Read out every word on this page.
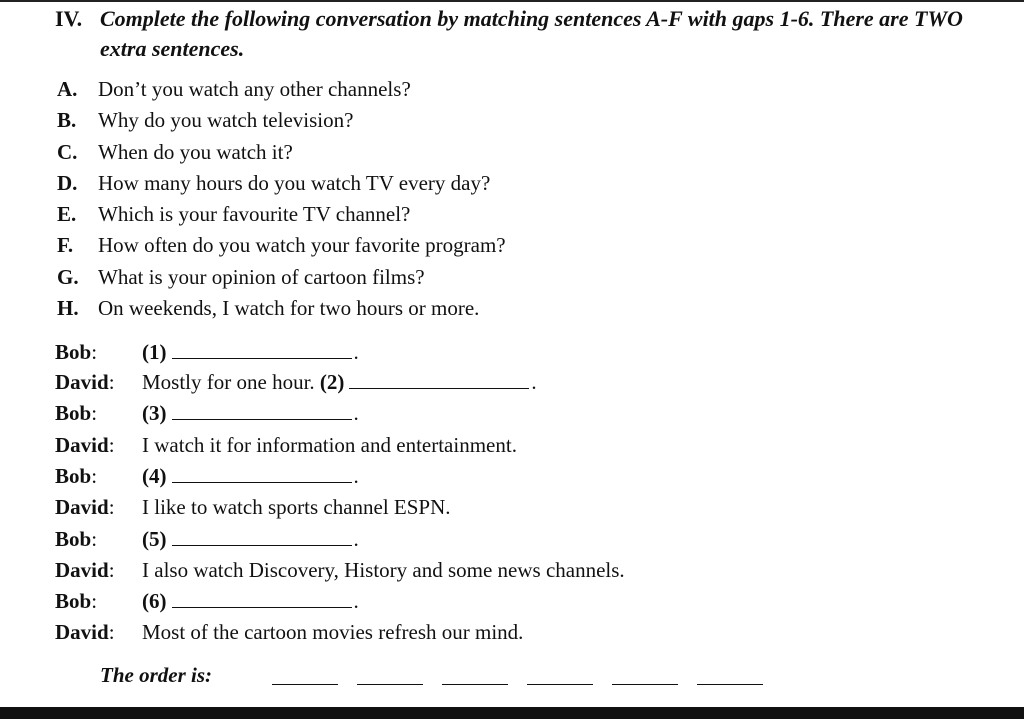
IV. Complete the following conversation by matching sentences A-F with gaps 1-6. There are TWO extra sentences.
A. Don’t you watch any other channels?
B. Why do you watch television?
C. When do you watch it?
D. How many hours do you watch TV every day?
E. Which is your favourite TV channel?
F. How often do you watch your favorite program?
G. What is your opinion of cartoon films?
H. On weekends, I watch for two hours or more.
Bob: (1)	.
David: Mostly for one hour. (2)	.
Bob: (3)	.
David: I watch it for information and entertainment.
Bob: (4)	.
David: I like to watch sports channel ESPN.
Bob: (5)	.
David: I also watch Discovery, History and some news channels.
Bob: (6)	.
David: Most of the cartoon movies refresh our mind.
The order is:
